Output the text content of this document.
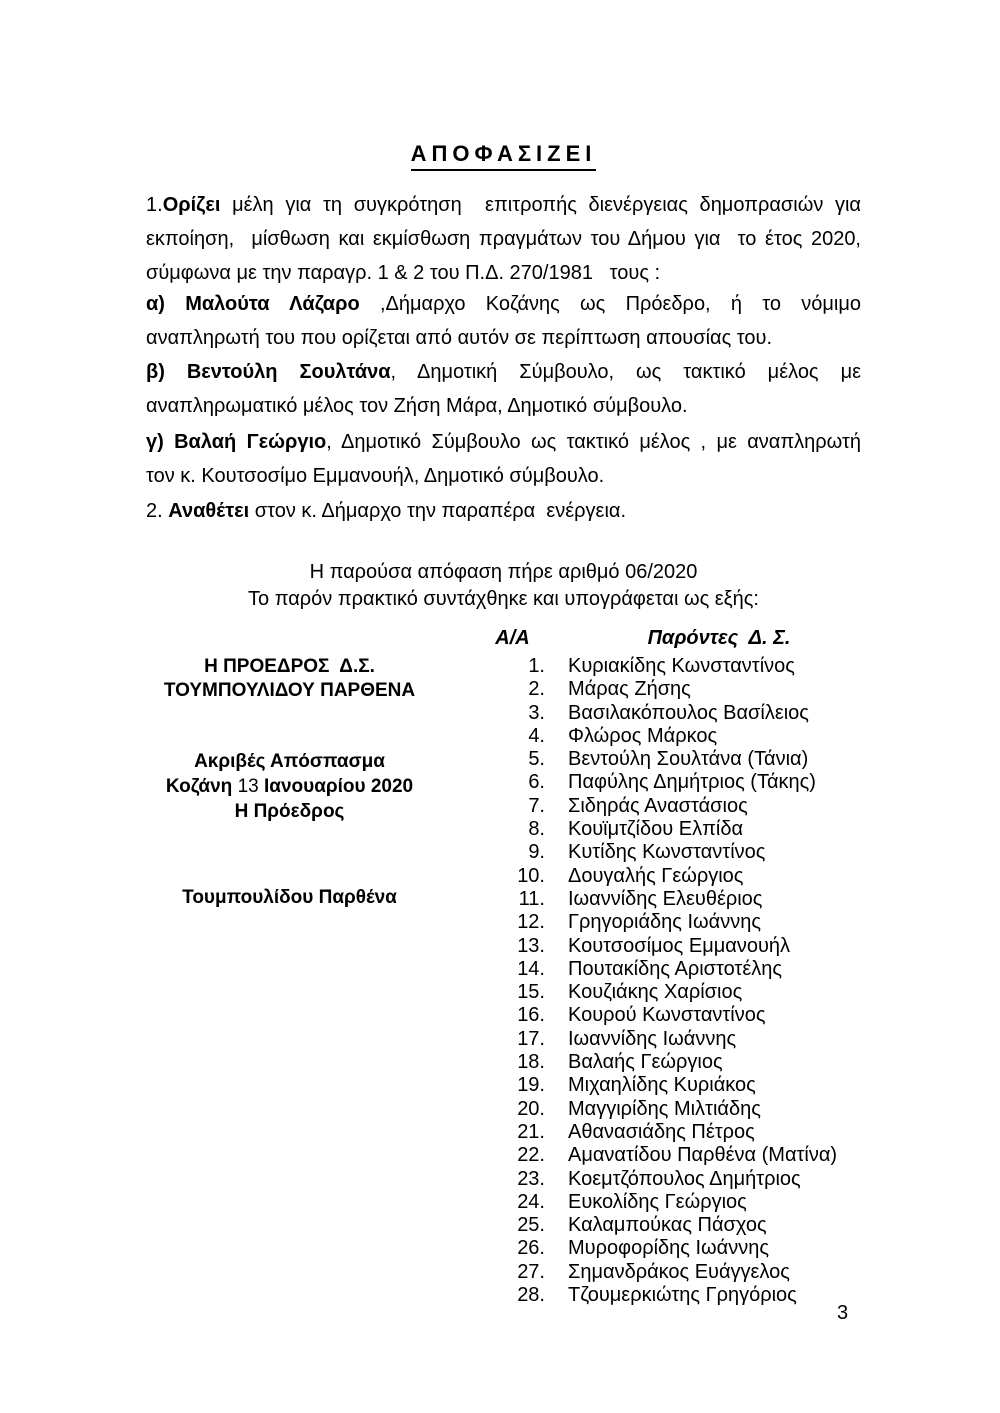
ΑΠΟΦΑΣΙΖΕΙ
1.Ορίζει μέλη για τη συγκρότηση  επιτροπής διενέργειας δημοπρασιών για
εκποίηση,  μίσθωση και εκμίσθωση πραγμάτων του Δήμου για  το έτος 2020,
σύμφωνα με την παραγρ. 1 & 2 του Π.Δ. 270/1981   τους :
α) Μαλούτα Λάζαρο ,Δήμαρχο Κοζάνης ως Πρόεδρο, ή το νόμιμο
αναπληρωτή του που ορίζεται από αυτόν σε περίπτωση απουσίας του.
β) Βεντούλη Σουλτάνα, Δημοτική Σύμβουλο, ως τακτικό μέλος με
αναπληρωματικό μέλος τον Ζήση Μάρα, Δημοτικό σύμβουλο.
γ) Βαλαή Γεώργιο, Δημοτικό Σύμβουλο ως τακτικό μέλος , με αναπληρωτή
τον κ. Κουτσοσίμο Εμμανουήλ, Δημοτικό σύμβουλο.
2. Αναθέτει στον κ. Δήμαρχο την παραπέρα  ενέργεια.
Η παρούσα απόφαση πήρε αριθμό 06/2020
Το παρόν πρακτικό συντάχθηκε και υπογράφεται ως εξής:
Η ΠΡΟΕΔΡΟΣ  Δ.Σ.
ΤΟΥΜΠΟΥΛΙΔΟΥ ΠΑΡΘΕΝΑ
Ακριβές Απόσπασμα
Κοζάνη 13 Ιανουαρίου 2020
Η Πρόεδρος
Τουμπουλίδου Παρθένα
Α/Α	Παρόντες  Δ. Σ.
1. Κυριακίδης Κωνσταντίνος
2. Μάρας Ζήσης
3. Βασιλακόπουλος Βασίλειος
4. Φλώρος Μάρκος
5. Βεντούλη Σουλτάνα (Τάνια)
6. Παφύλης Δημήτριος (Τάκης)
7. Σιδηράς Αναστάσιος
8. Κουϊμτζίδου Ελπίδα
9. Κυτίδης Κωνσταντίνος
10. Δουγαλής Γεώργιος
11. Ιωαννίδης Ελευθέριος
12. Γρηγοριάδης Ιωάννης
13. Κουτσοσίμος Εμμανουήλ
14. Πουτακίδης Αριστοτέλης
15. Κουζιάκης Χαρίσιος
16. Κουρού Κωνσταντίνος
17. Ιωαννίδης Ιωάννης
18. Βαλαής Γεώργιος
19. Μιχαηλίδης Κυριάκος
20. Μαγγιρίδης Μιλτιάδης
21. Αθανασιάδης Πέτρος
22. Αμανατίδου Παρθένα (Ματίνα)
23. Κοεμτζόπουλος Δημήτριος
24. Ευκολίδης Γεώργιος
25. Καλαμπούκας Πάσχος
26. Μυροφορίδης Ιωάννης
27. Σημανδράκος Ευάγγελος
28. Τζουμερκιώτης Γρηγόριος
3
